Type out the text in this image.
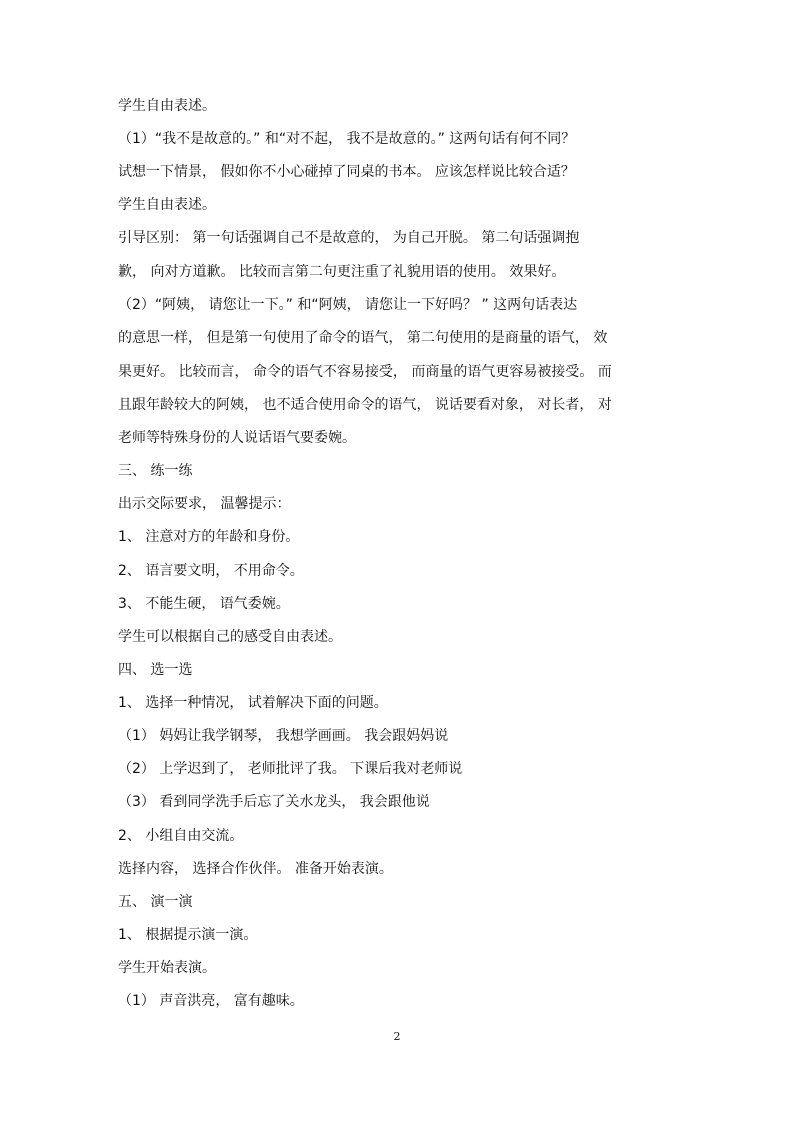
学生自由表述。
（1）“我不是故意的。” 和“对不起， 我不是故意的。” 这两句话有何不同？
试想一下情景， 假如你不小心碰掉了同桌的书本。 应该怎样说比较合适？
学生自由表述。
引导区别： 第一句话强调自己不是故意的， 为自己开脱。 第二句话强调抱
歉， 向对方道歉。 比较而言第二句更注重了礼貌用语的使用。 效果好。
（2）“阿姨， 请您让一下。” 和“阿姨， 请您让一下好吗？ ” 这两句话表达
的意思一样， 但是第一句使用了命令的语气， 第二句使用的是商量的语气， 效
果更好。 比较而言， 命令的语气不容易接受， 而商量的语气更容易被接受。 而
且跟年龄较大的阿姨， 也不适合使用命令的语气， 说话要看对象， 对长者， 对
老师等特殊身份的人说话语气要委婉。
三、 练一练
出示交际要求， 温馨提示：
1、 注意对方的年龄和身份。
2、 语言要文明， 不用命令。
3、 不能生硬， 语气委婉。
学生可以根据自己的感受自由表述。
四、 选一选
1、 选择一种情况， 试着解决下面的问题。
（1） 妈妈让我学钢琴， 我想学画画。 我会跟妈妈说
（2） 上学迟到了， 老师批评了我。 下课后我对老师说
（3） 看到同学洗手后忘了关水龙头， 我会跟他说
2、 小组自由交流。
选择内容， 选择合作伙伴。 准备开始表演。
五、 演一演
1、 根据提示演一演。
学生开始表演。
（1） 声音洪亮， 富有趣味。
2
